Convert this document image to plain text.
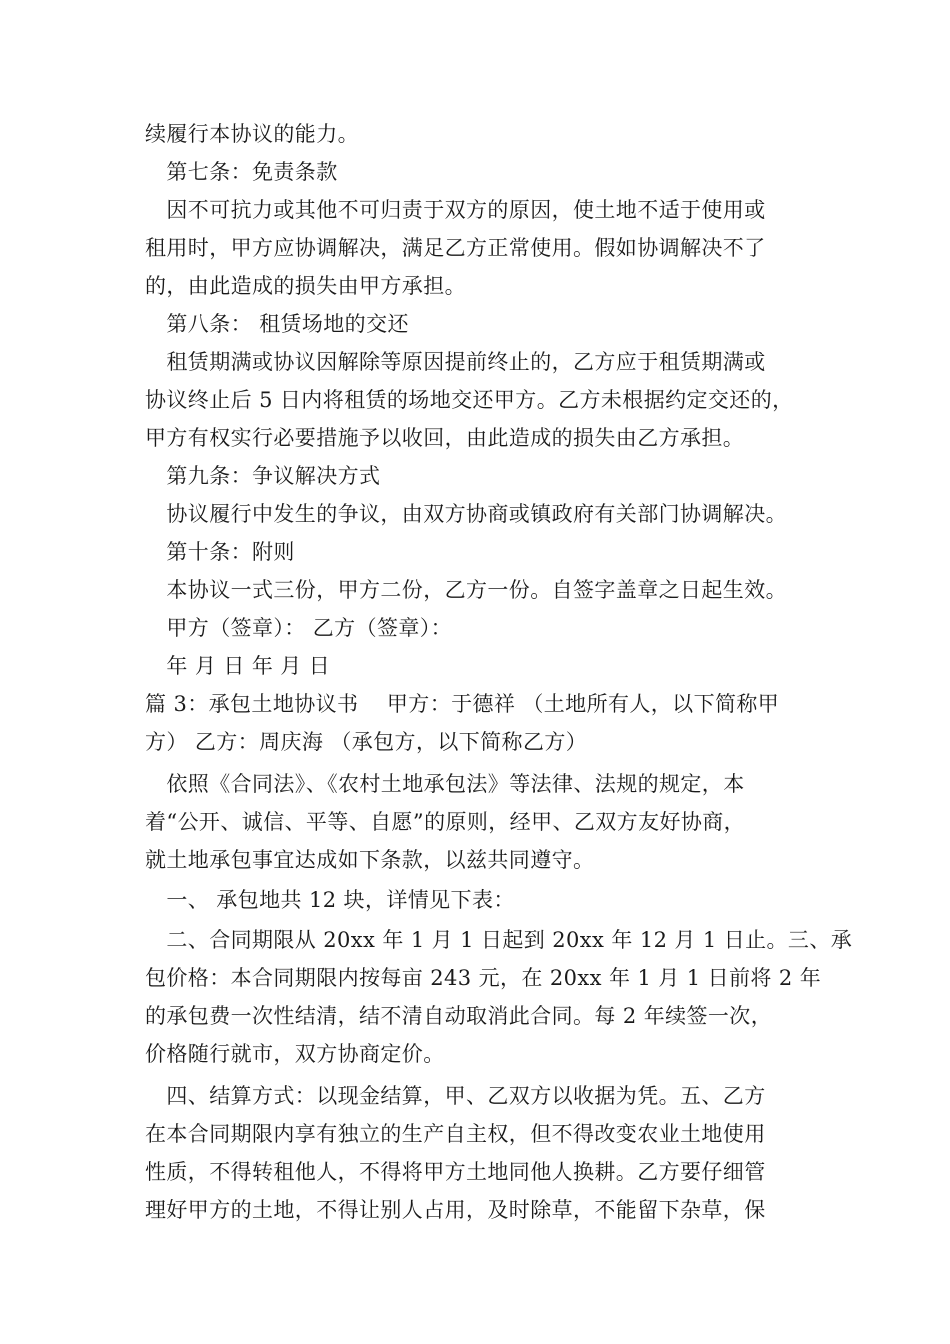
续履行本协议的能力。
　第七条：免责条款
　因不可抗力或其他不可归责于双方的原因，使土地不适于使用或
租用时，甲方应协调解决，满足乙方正常使用。假如协调解决不了
的，由此造成的损失由甲方承担。
　第八条： 租赁场地的交还
　租赁期满或协议因解除等原因提前终止的，乙方应于租赁期满或
协议终止后 5 日内将租赁的场地交还甲方。乙方未根据约定交还的，
甲方有权实行必要措施予以收回，由此造成的损失由乙方承担。
　第九条：争议解决方式
　协议履行中发生的争议，由双方协商或镇政府有关部门协调解决。
　第十条：附则
　本协议一式三份，甲方二份，乙方一份。自签字盖章之日起生效。
　甲方（签章）： 乙方（签章）：
　年 月 日 年 月 日
篇 3：承包土地协议书　 甲方：于德祥 （土地所有人，以下简称甲
方） 乙方：周庆海 （承包方，以下简称乙方）
　依照《合同法》、《农村土地承包法》等法律、法规的规定，本
着“公开、诚信、平等、自愿”的原则，经甲、乙双方友好协商，
就土地承包事宜达成如下条款，以兹共同遵守。
　一、 承包地共 12 块，详情见下表：
　二、合同期限从 20xx 年 1 月 1 日起到 20xx 年 12 月 1 日止。三、承
包价格：本合同期限内按每亩 243 元，在 20xx 年 1 月 1 日前将 2 年
的承包费一次性结清，结不清自动取消此合同。每 2 年续签一次，
价格随行就市，双方协商定价。
　四、结算方式：以现金结算，甲、乙双方以收据为凭。五、乙方
在本合同期限内享有独立的生产自主权，但不得改变农业土地使用
性质，不得转租他人，不得将甲方土地同他人换耕。乙方要仔细管
理好甲方的土地，不得让别人占用，及时除草，不能留下杂草，保
